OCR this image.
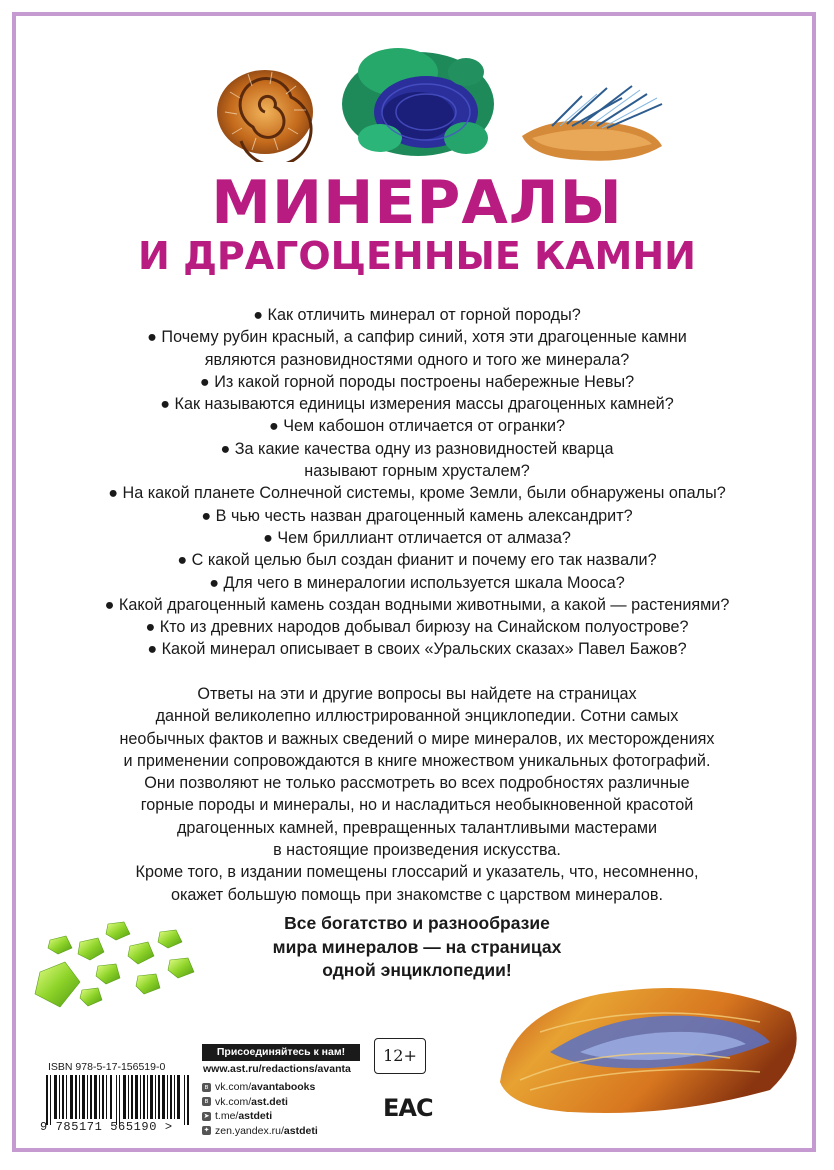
МИНЕРАЛЫ
И ДРАГОЦЕННЫЕ КАМНИ
● Как отличить минерал от горной породы?
● Почему рубин красный, а сапфир синий, хотя эти драгоценные камни
являются разновидностями одного и того же минерала?
● Из какой горной породы построены набережные Невы?
● Как называются единицы измерения массы драгоценных камней?
● Чем кабошон отличается от огранки?
● За какие качества одну из разновидностей кварца
называют горным хрусталем?
● На какой планете Солнечной системы, кроме Земли, были обнаружены опалы?
● В чью честь назван драгоценный камень александрит?
● Чем бриллиант отличается от алмаза?
● С какой целью был создан фианит и почему его так назвали?
● Для чего в минералогии используется шкала Мооса?
● Какой драгоценный камень создан водными животными, а какой — растениями?
● Кто из древних народов добывал бирюзу на Синайском полуострове?
● Какой минерал описывает в своих «Уральских сказах» Павел Бажов?

Ответы на эти и другие вопросы вы найдете на страницах

данной великолепно иллюстрированной энциклопедии. Сотни самых

необычных фактов и важных сведений о мире минералов, их месторождениях

и применении сопровождаются в книге множеством уникальных фотографий.

Они позволяют не только рассмотреть во всех подробностях различные

горные породы и минералы, но и насладиться необыкновенной красотой

драгоценных камней, превращенных талантливыми мастерами

в настоящие произведения искусства.

Кроме того, в издании помещены глоссарий и указатель, что, несомненно,

окажет большую помощь при знакомстве с царством минералов.

Все богатство и разнообразие
мира минералов — на страницах
одной энциклопедии!
ISBN 978-5-17-156519-0
9 785171 565190 >
Присоединяйтесь к нам!
www.ast.ru/redactions/avanta
в vk.com/ avantabooks
в vk.com/ ast.deti
➤ t.me/ astdeti
✦ zen.yandex.ru/ astdeti
12+
EAC
